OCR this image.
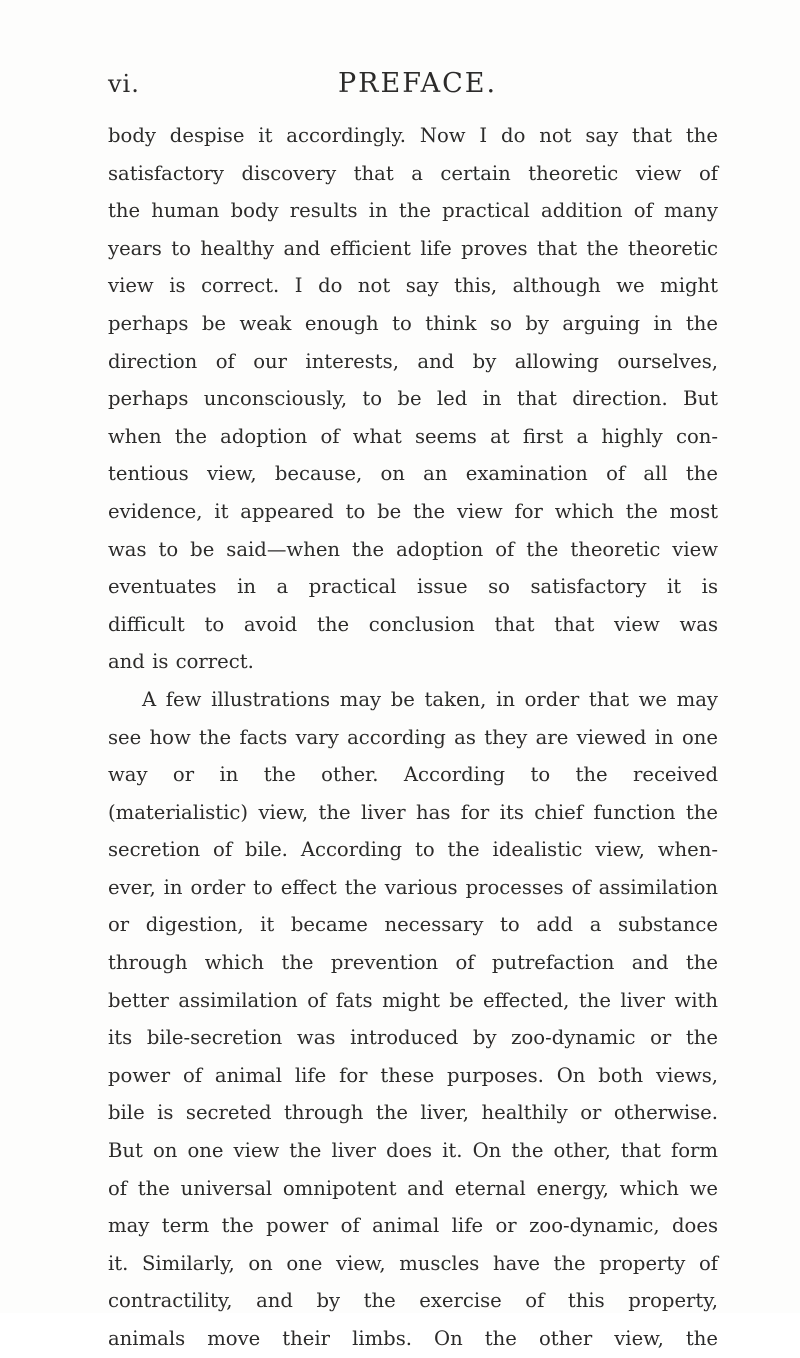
vi.	PREFACE.
body despise it accordingly. Now I do not say that the
satisfactory discovery that a certain theoretic view of
the human body results in the practical addition of many
years to healthy and efficient life proves that the theoretic
view is correct. I do not say this, although we might
perhaps be weak enough to think so by arguing in the
direction of our interests, and by allowing ourselves,
perhaps unconsciously, to be led in that direction. But
when the adoption of what seems at first a highly con-
tentious view, because, on an examination of all the
evidence, it appeared to be the view for which the most
was to be said—when the adoption of the theoretic view
eventuates in a practical issue so satisfactory it is
difficult to avoid the conclusion that that view was
and is correct.
A few illustrations may be taken, in order that we may
see how the facts vary according as they are viewed in one
way or in the other. According to the received
(materialistic) view, the liver has for its chief function the
secretion of bile. According to the idealistic view, when-
ever, in order to effect the various processes of assimilation
or digestion, it became necessary to add a substance
through which the prevention of putrefaction and the
better assimilation of fats might be effected, the liver with
its bile-secretion was introduced by zoo-dynamic or the
power of animal life for these purposes. On both views,
bile is secreted through the liver, healthily or otherwise.
But on one view the liver does it. On the other, that form
of the universal omnipotent and eternal energy, which we
may term the power of animal life or zoo-dynamic, does
it. Similarly, on one view, muscles have the property of
contractility, and by the exercise of this property,
animals move their limbs. On the other view, the
